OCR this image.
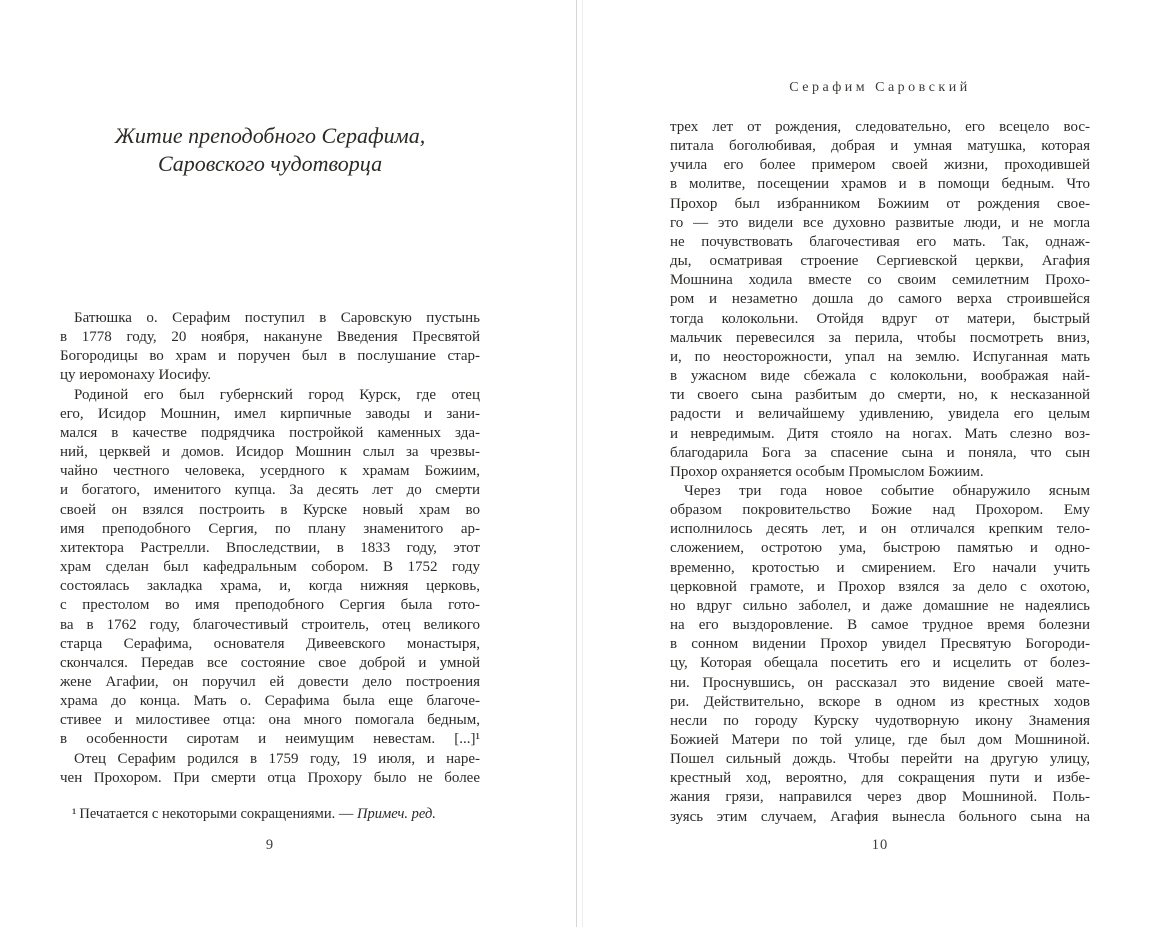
Житие преподобного Серафима,
Саровского чудотворца
Батюшка о. Серафим поступил в Саровскую пустынь
в 1778 году, 20 ноября, накануне Введения Пресвятой
Богородицы во храм и поручен был в послушание стар-
цу иеромонаху Иосифу.
Родиной его был губернский город Курск, где отец
его, Исидор Мошнин, имел кирпичные заводы и зани-
мался в качестве подрядчика постройкой каменных зда-
ний, церквей и домов. Исидор Мошнин слыл за чрезвы-
чайно честного человека, усердного к храмам Божиим,
и богатого, именитого купца. За десять лет до смерти
своей он взялся построить в Курске новый храм во
имя преподобного Сергия, по плану знаменитого ар-
хитектора Растрелли. Впоследствии, в 1833 году, этот
храм сделан был кафедральным собором. В 1752 году
состоялась закладка храма, и, когда нижняя церковь,
с престолом во имя преподобного Сергия была гото-
ва в 1762 году, благочестивый строитель, отец великого
старца Серафима, основателя Дивеевского монастыря,
скончался. Передав все состояние свое доброй и умной
жене Агафии, он поручил ей довести дело построения
храма до конца. Мать о. Серафима была еще благоче-
стивее и милостивее отца: она много помогала бедным,
в особенности сиротам и неимущим невестам. [...]¹
Отец Серафим родился в 1759 году, 19 июля, и наре-
чен Прохором. При смерти отца Прохору было не более
¹ Печатается с некоторыми сокращениями. — Примеч. ред.
9
Серафим Саровский
трех лет от рождения, следовательно, его всецело вос-
питала боголюбивая, добрая и умная матушка, которая
учила его более примером своей жизни, проходившей
в молитве, посещении храмов и в помощи бедным. Что
Прохор был избранником Божиим от рождения свое-
го — это видели все духовно развитые люди, и не могла
не почувствовать благочестивая его мать. Так, однаж-
ды, осматривая строение Сергиевской церкви, Агафия
Мошнина ходила вместе со своим семилетним Прохо-
ром и незаметно дошла до самого верха строившейся
тогда колокольни. Отойдя вдруг от матери, быстрый
мальчик перевесился за перила, чтобы посмотреть вниз,
и, по неосторожности, упал на землю. Испуганная мать
в ужасном виде сбежала с колокольни, воображая най-
ти своего сына разбитым до смерти, но, к несказанной
радости и величайшему удивлению, увидела его целым
и невредимым. Дитя стояло на ногах. Мать слезно воз-
благодарила Бога за спасение сына и поняла, что сын
Прохор охраняется особым Промыслом Божиим.
Через три года новое событие обнаружило ясным
образом покровительство Божие над Прохором. Ему
исполнилось десять лет, и он отличался крепким тело-
сложением, остротою ума, быстрою памятью и одно-
временно, кротостью и смирением. Его начали учить
церковной грамоте, и Прохор взялся за дело с охотою,
но вдруг сильно заболел, и даже домашние не надеялись
на его выздоровление. В самое трудное время болезни
в сонном видении Прохор увидел Пресвятую Богороди-
цу, Которая обещала посетить его и исцелить от болез-
ни. Проснувшись, он рассказал это видение своей мате-
ри. Действительно, вскоре в одном из крестных ходов
несли по городу Курску чудотворную икону Знамения
Божией Матери по той улице, где был дом Мошниной.
Пошел сильный дождь. Чтобы перейти на другую улицу,
крестный ход, вероятно, для сокращения пути и избе-
жания грязи, направился через двор Мошниной. Поль-
зуясь этим случаем, Агафия вынесла больного сына на
10
